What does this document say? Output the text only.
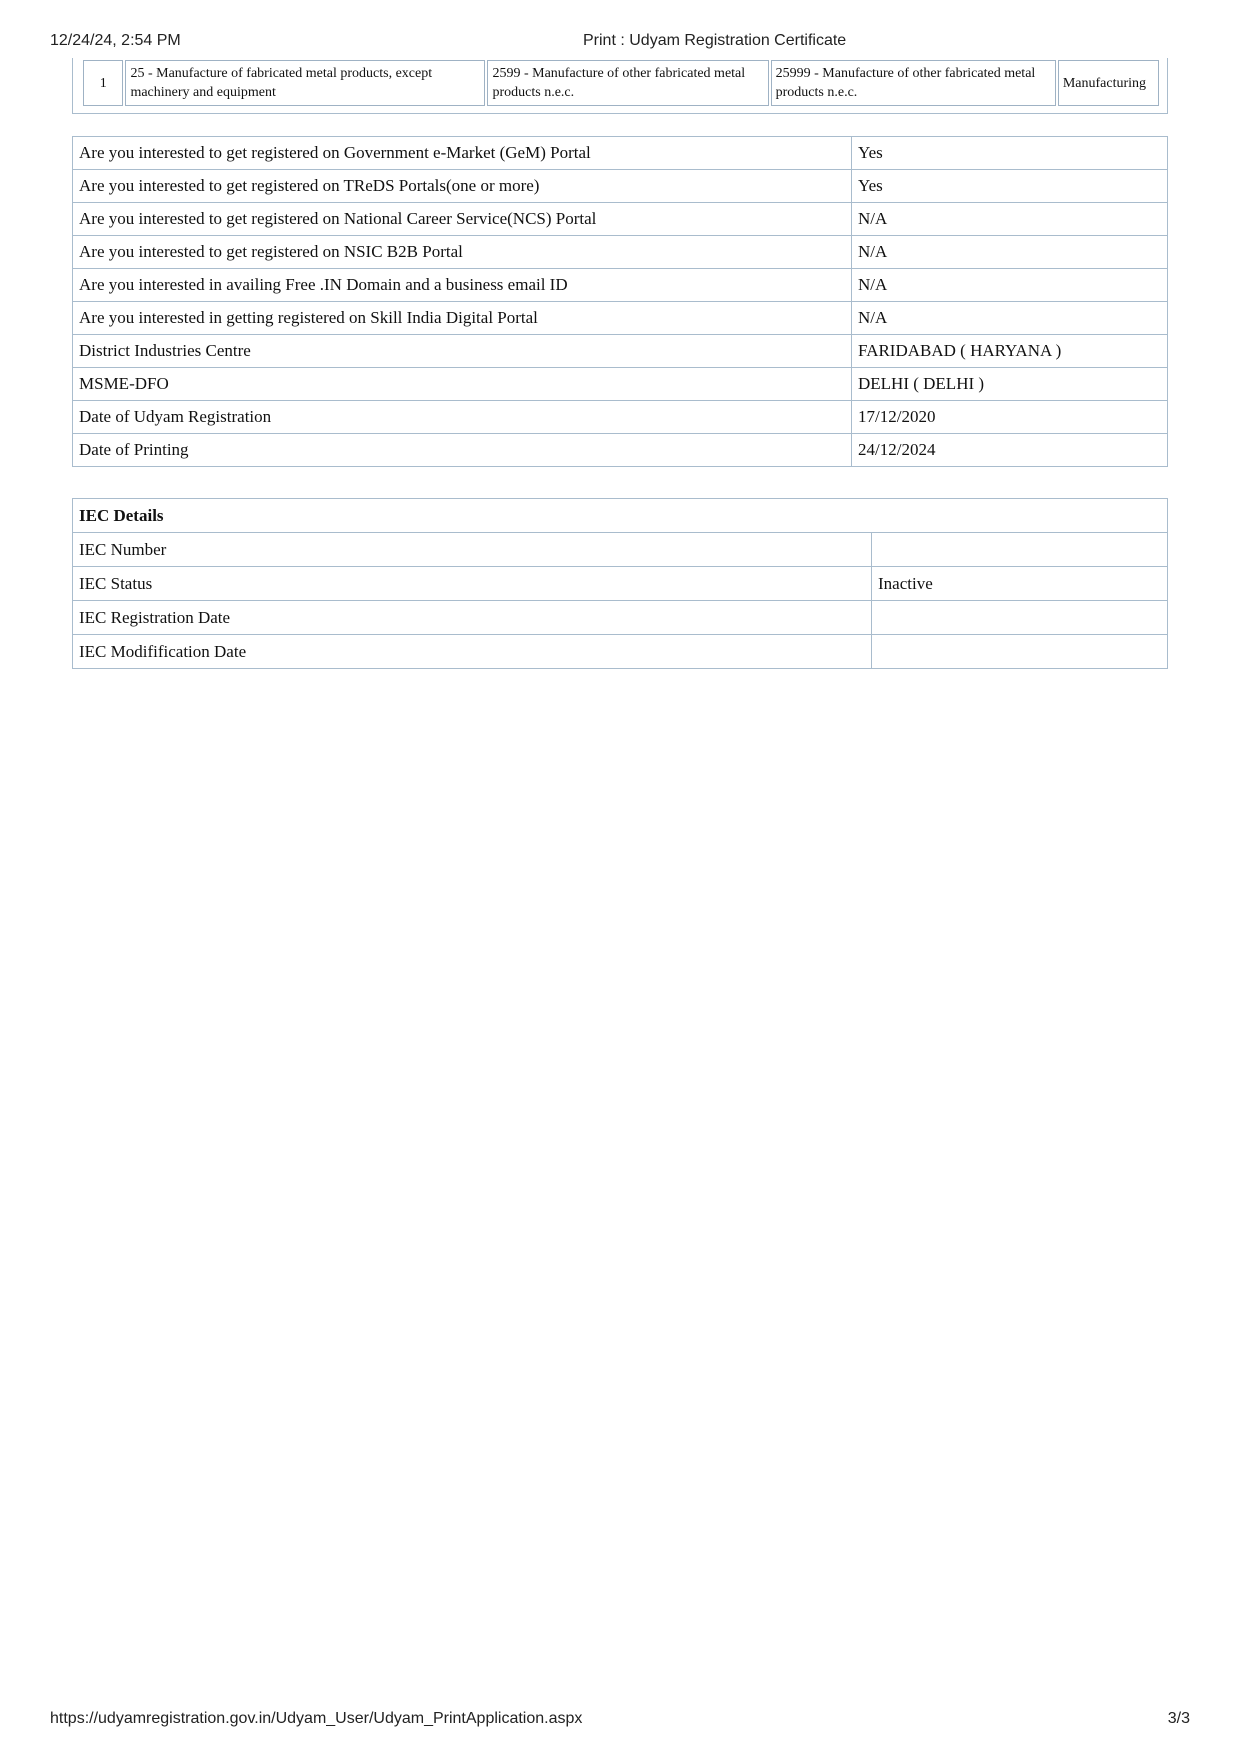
12/24/24, 2:54 PM	Print : Udyam Registration Certificate
1	25 - Manufacture of fabricated metal products, except machinery and equipment	2599 - Manufacture of other fabricated metal products n.e.c.	25999 - Manufacture of other fabricated metal products n.e.c.	Manufacturing
Are you interested to get registered on Government e-Market (GeM) Portal	Yes
Are you interested to get registered on TReDS Portals(one or more)	Yes
Are you interested to get registered on National Career Service(NCS) Portal	N/A
Are you interested to get registered on NSIC B2B Portal	N/A
Are you interested in availing Free .IN Domain and a business email ID	N/A
Are you interested in getting registered on Skill India Digital Portal	N/A
District Industries Centre	FARIDABAD ( HARYANA )
MSME-DFO	DELHI ( DELHI )
Date of Udyam Registration	17/12/2020
Date of Printing	24/12/2024
IEC Details	
IEC Number	
IEC Status	Inactive
IEC Registration Date	
IEC Modifification Date	
https://udyamregistration.gov.in/Udyam_User/Udyam_PrintApplication.aspx	3/3
